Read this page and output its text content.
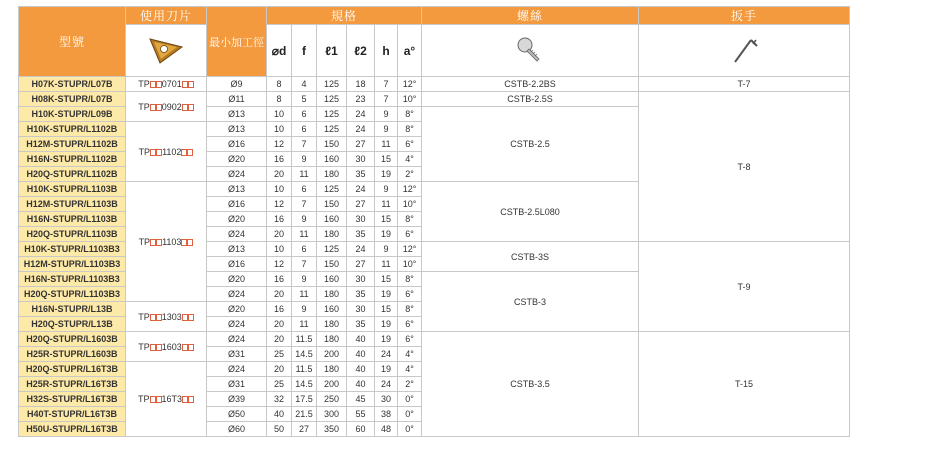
型號	使用刀片	最小加工徑	規格						螺絲	扳手
	⌀d	f	ℓ1	ℓ2	h	a°		
H07K-STUPR/L07B	TP 0701	Ø9	8	4	125	18	7	12°	CSTB-2.2BS	T-7
H08K-STUPR/L07B	TP 0902	Ø11	8	5	125	23	7	10°	CSTB-2.5S	T-8
H10K-STUPR/L09B		Ø13	10	6	125	24	9	8°	CSTB-2.5	
H10K-STUPR/L1102B	TP 1102	Ø13	10	6	125	24	9	8°		
H12M-STUPR/L1102B		Ø16	12	7	150	27	11	6°		
H16N-STUPR/L1102B		Ø20	16	9	160	30	15	4°		
H20Q-STUPR/L1102B		Ø24	20	11	180	35	19	2°		
H10K-STUPR/L1103B	TP 1103	Ø13	10	6	125	24	9	12°	CSTB-2.5L080	
H12M-STUPR/L1103B		Ø16	12	7	150	27	11	10°		
H16N-STUPR/L1103B		Ø20	16	9	160	30	15	8°		
H20Q-STUPR/L1103B		Ø24	20	11	180	35	19	6°		
H10K-STUPR/L1103B3		Ø13	10	6	125	24	9	12°	CSTB-3S	T-9
H12M-STUPR/L1103B3		Ø16	12	7	150	27	11	10°		
H16N-STUPR/L1103B3		Ø20	16	9	160	30	15	8°	CSTB-3	
H20Q-STUPR/L1103B3		Ø24	20	11	180	35	19	6°		
H16N-STUPR/L13B	TP 1303	Ø20	16	9	160	30	15	8°		
H20Q-STUPR/L13B		Ø24	20	11	180	35	19	6°		
H20Q-STUPR/L1603B	TP 1603	Ø24	20	11.5	180	40	19	6°	CSTB-3.5	T-15
H25R-STUPR/L1603B		Ø31	25	14.5	200	40	24	4°		
H20Q-STUPR/L16T3B	TP 16T3	Ø24	20	11.5	180	40	19	4°		
H25R-STUPR/L16T3B		Ø31	25	14.5	200	40	24	2°		
H32S-STUPR/L16T3B		Ø39	32	17.5	250	45	30	0°		
H40T-STUPR/L16T3B		Ø50	40	21.5	300	55	38	0°		
H50U-STUPR/L16T3B		Ø60	50	27	350	60	48	0°		
